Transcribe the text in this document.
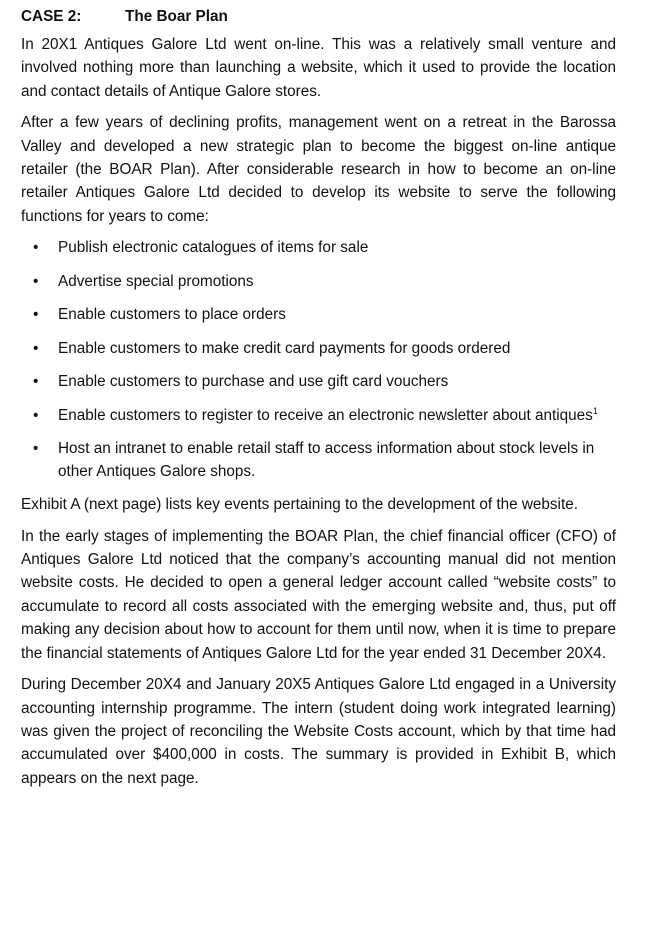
CASE 2:	The Boar Plan

In 20X1 Antiques Galore Ltd went on-line. This was a relatively small venture and involved nothing more than launching a website, which it used to provide the location and contact details of Antique Galore stores.

After a few years of declining profits, management went on a retreat in the Barossa Valley and developed a new strategic plan to become the biggest on-line antique retailer (the BOAR Plan). After considerable research in how to become an on-line retailer Antiques Galore Ltd decided to develop its website to serve the following functions for years to come:

•	Publish electronic catalogues of items for sale
•	Advertise special promotions
•	Enable customers to place orders
•	Enable customers to make credit card payments for goods ordered
•	Enable customers to purchase and use gift card vouchers
•	Enable customers to register to receive an electronic newsletter about antiques$^1$
•	Host an intranet to enable retail staff to access information about stock levels in other Antiques Galore shops.

Exhibit A (next page) lists key events pertaining to the development of the website.

In the early stages of implementing the BOAR Plan, the chief financial officer (CFO) of Antiques Galore Ltd noticed that the company’s accounting manual did not mention website costs. He decided to open a general ledger account called “website costs” to accumulate to record all costs associated with the emerging website and, thus, put off making any decision about how to account for them until now, when it is time to prepare the financial statements of Antiques Galore Ltd for the year ended 31 December 20X4.

During December 20X4 and January 20X5 Antiques Galore Ltd engaged in a University accounting internship programme. The intern (student doing work integrated learning) was given the project of reconciling the Website Costs account, which by that time had accumulated over $400,000 in costs. The summary is provided in Exhibit B, which appears on the next page.
